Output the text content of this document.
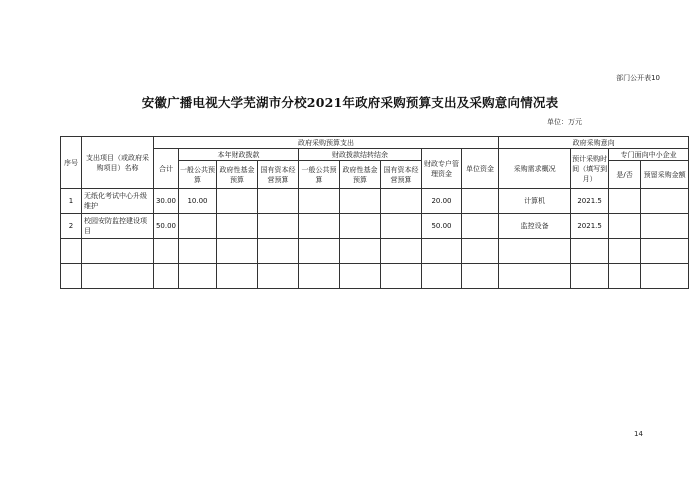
部门公开表10
安徽广播电视大学芜湖市分校2021年政府采购预算支出及采购意向情况表
单位：万元
序号	支出项目（或政府采购项目）名称	政府采购预算支出									政府采购意向			
		合计	本年财政拨款			财政拨款结转结余			财政专户管理资金	单位资金	采购需求概况	预计采购时间（填写到月）	专门面向中小企业	
			一般公共预算	政府性基金预算	国有资本经营预算	一般公共预算	政府性基金预算	国有资本经营预算					是/否	预留采购金额
1	无纸化考试中心升级维护	30.00	10.00						20.00		计算机	2021.5		
2	校园安防监控建设项目	50.00							50.00		监控设备	2021.5		

14
